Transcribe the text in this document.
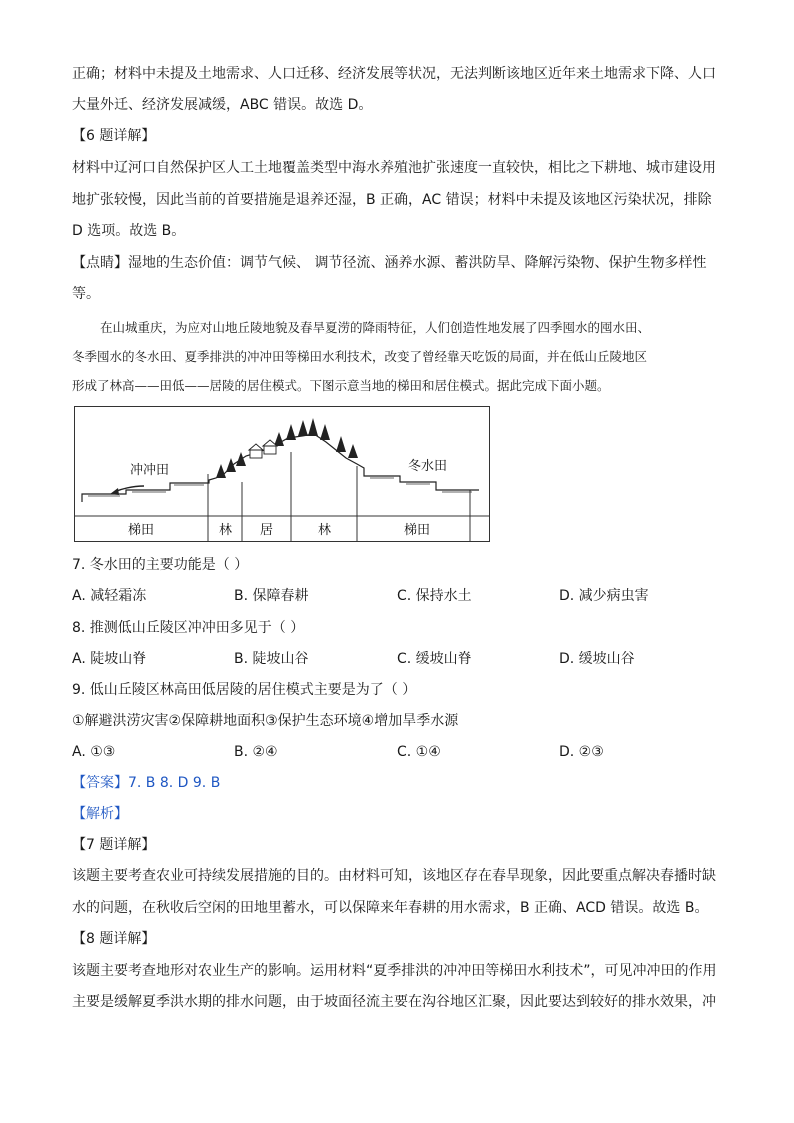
正确；材料中未提及土地需求、人口迁移、经济发展等状况，无法判断该地区近年来土地需求下降、人口
大量外迁、经济发展减缓，ABC 错误。故选 D。
【6 题详解】
材料中辽河口自然保护区人工土地覆盖类型中海水养殖池扩张速度一直较快，相比之下耕地、城市建设用
地扩张较慢，因此当前的首要措施是退养还湿，B 正确，AC 错误；材料中未提及该地区污染状况，排除
D 选项。故选 B。
【点睛】湿地的生态价值：调节气候、 调节径流、涵养水源、蓄洪防旱、降解污染物、保护生物多样性
等。
在山城重庆，为应对山地丘陵地貌及春旱夏涝的降雨特征，人们创造性地发展了四季囤水的囤水田、
冬季囤水的冬水田、夏季排洪的冲冲田等梯田水利技术，改变了曾经靠天吃饭的局面，并在低山丘陵地区
形成了林高——田低——居陵的居住模式。下图示意当地的梯田和居住模式。据此完成下面小题。
冲冲田	冬水田
梯田	林 居	林	梯田
7. 冬水田的主要功能是（ ）
A. 减轻霜冻	B. 保障春耕	C. 保持水土	D. 减少病虫害
8. 推测低山丘陵区冲冲田多见于（ ）
A. 陡坡山脊	B. 陡坡山谷	C. 缓坡山脊	D. 缓坡山谷
9. 低山丘陵区林高田低居陵的居住模式主要是为了（ ）
①解避洪涝灾害②保障耕地面积③保护生态环境④增加旱季水源
A. ①③	B. ②④	C. ①④	D. ②③
【答案】7. B 8. D 9. B
【解析】
【7 题详解】
该题主要考查农业可持续发展措施的目的。由材料可知，该地区存在春旱现象，因此要重点解决春播时缺
水的问题，在秋收后空闲的田地里蓄水，可以保障来年春耕的用水需求，B 正确、ACD 错误。故选 B。
【8 题详解】
该题主要考查地形对农业生产的影响。运用材料“夏季排洪的冲冲田等梯田水利技术”，可见冲冲田的作用
主要是缓解夏季洪水期的排水问题，由于坡面径流主要在沟谷地区汇聚，因此要达到较好的排水效果，冲
